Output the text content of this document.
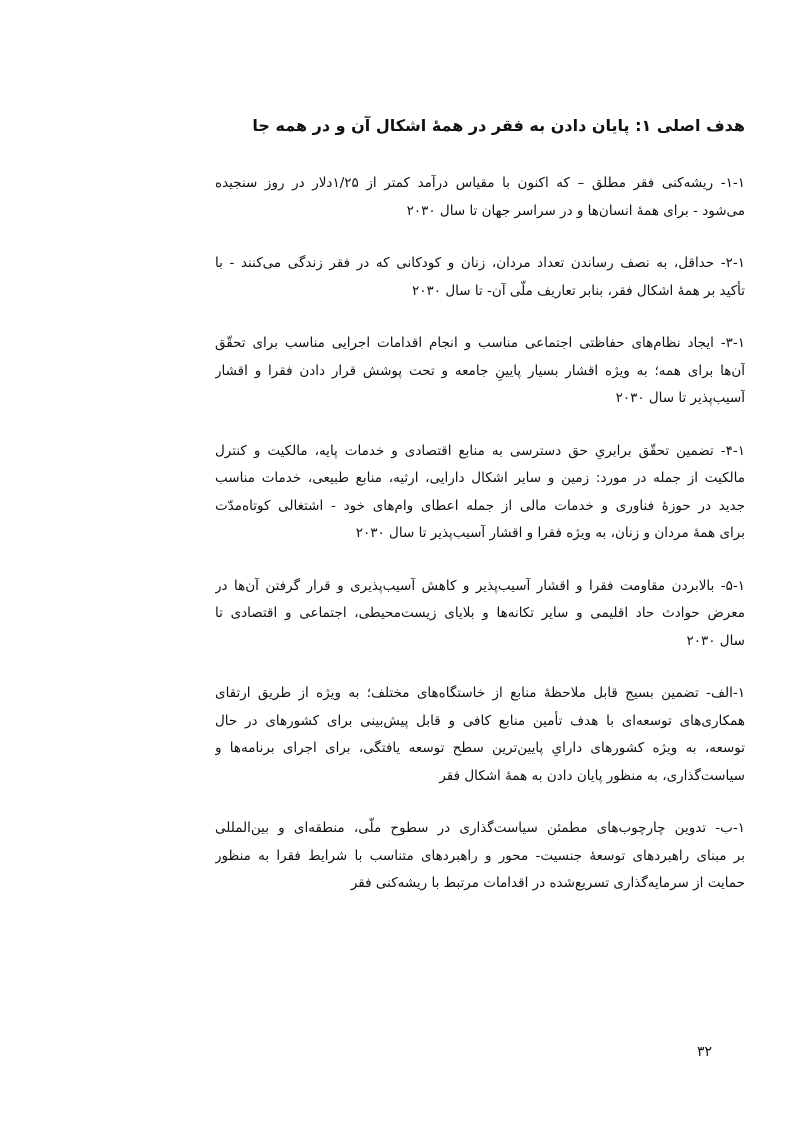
هدف اصلی ۱: پایان دادن به فقر در همهٔ اشکال آن و در همه جا
۱-۱- ریشه‌کنی فقر مطلق – که اکنون با مقیاس درآمد کمتر از ۱/۲۵دلار در روز سنجیده
می‌شود - برای همهٔ انسان‌ها و در سراسر جهان تا سال ۲۰۳۰
۲-۱- حداقل، به نصف رساندن تعداد مردان، زنان و کودکانی که در فقر زندگی می‌کنند - با
تأکید بر همهٔ اشکال فقر، بنابر تعاریف ملّی آن- تا سال ۲۰۳۰
۳-۱- ایجاد نظام‌های حفاظتی اجتماعی مناسب و انجام اقدامات اجرایی مناسب برای تحقّق
آن‌ها برای همه؛ به ویژه اقشار بسیار پایینِ جامعه و تحت پوشش قرار دادن فقرا و اقشار
آسیب‌پذیر تا سال ۲۰۳۰
۴-۱- تضمین تحقّق برابریِ حق دسترسی به منابع اقتصادی و خدمات پایه، مالکیت و کنترل
مالکیت از جمله در مورد: زمین و سایر اشکال دارایی، ارثیه، منابع طبیعی، خدمات مناسب
جدید در حوزهٔ فناوری و خدمات مالی از جمله اعطای وام‌های خود - اشتغالی کوتاه‌مدّت
برای همهٔ مردان و زنان، به ویژه فقرا و اقشار آسیب‌پذیر تا سال ۲۰۳۰
۵-۱- بالابردن مقاومت فقرا و اقشار آسیب‌پذیر و کاهش آسیب‌پذیری و قرار گرفتن آن‌ها در
معرض حوادث حاد اقلیمی و سایر تکانه‌ها و بلایای زیست‌محیطی، اجتماعی و اقتصادی تا
سال ۲۰۳۰
۱-الف- تضمین بسیج قابل ملاحظهٔ منابع از خاستگاه‌های مختلف؛ به ویژه از طریق ارتقای
همکاری‌های توسعه‌ای با هدف تأمین منابع کافی و قابل پیش‌بینی برای کشورهای در حال
توسعه، به ویژه کشورهای دارایِ پایین‌ترین سطح توسعه یافتگی، برای اجرای برنامه‌ها و
سیاست‌گذاری، به منظور پایان دادن به همهٔ اشکال فقر
۱-ب- تدوین چارچوب‌های مطمئن سیاست‌گذاری در سطوح ملّی، منطقه‌ای و بین‌المللی
بر مبنای راهبردهای توسعهٔ جنسیت- محور و راهبردهای متناسب با شرایط فقرا به منظور
حمایت از سرمایه‌گذاری تسریع‌شده در اقدامات مرتبط با ریشه‌کنی فقر
۳۲
